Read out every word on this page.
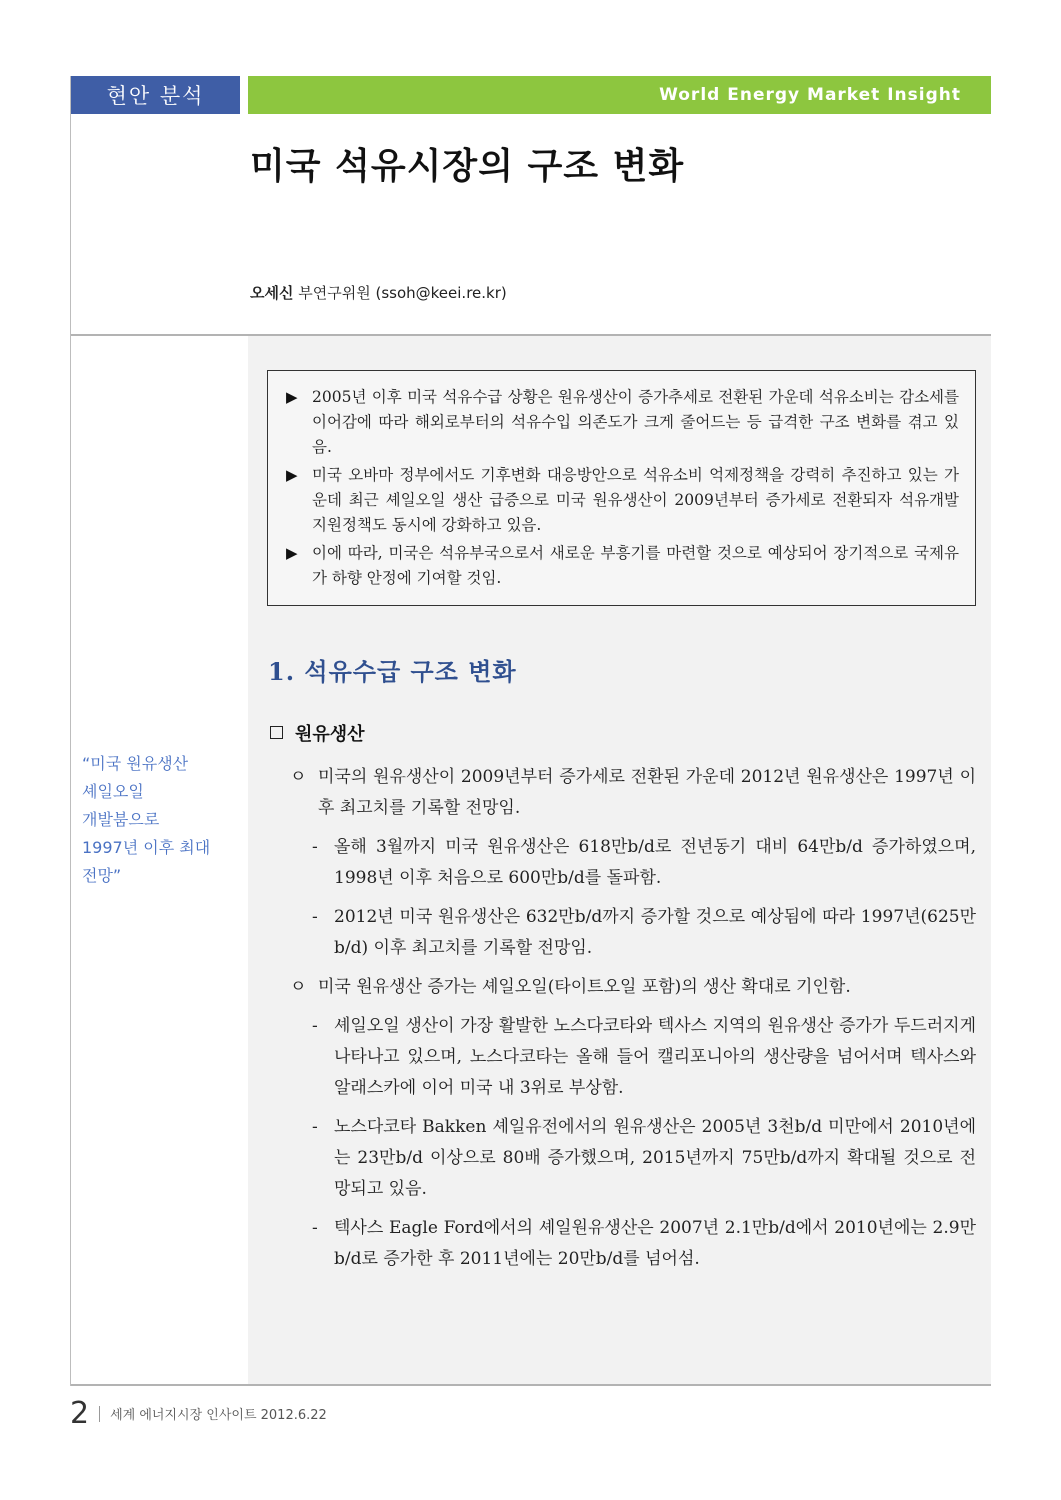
현안 분석	World Energy Market Insight
미국 석유시장의 구조 변화
오세신 부연구위원 (ssoh@keei.re.kr)
▶ 2005년 이후 미국 석유수급 상황은 원유생산이 증가추세로 전환된 가운데 석유소비는 감소세를 이어감에 따라 해외로부터의 석유수입 의존도가 크게 줄어드는 등 급격한 구조 변화를 겪고 있음.
▶ 미국 오바마 정부에서도 기후변화 대응방안으로 석유소비 억제정책을 강력히 추진하고 있는 가운데 최근 셰일오일 생산 급증으로 미국 원유생산이 2009년부터 증가세로 전환되자 석유개발 지원정책도 동시에 강화하고 있음.
▶ 이에 따라, 미국은 석유부국으로서 새로운 부흥기를 마련할 것으로 예상되어 장기적으로 국제유가 하향 안정에 기여할 것임.
1. 석유수급 구조 변화
원유생산
ㅇ 미국의 원유생산이 2009년부터 증가세로 전환된 가운데 2012년 원유생산은 1997년 이후 최고치를 기록할 전망임.
- 올해 3월까지 미국 원유생산은 618만b/d로 전년동기 대비 64만b/d 증가하였으며, 1998년 이후 처음으로 600만b/d를 돌파함.
- 2012년 미국 원유생산은 632만b/d까지 증가할 것으로 예상됨에 따라 1997년(625만b/d) 이후 최고치를 기록할 전망임.
ㅇ 미국 원유생산 증가는 셰일오일(타이트오일 포함)의 생산 확대로 기인함.
- 셰일오일 생산이 가장 활발한 노스다코타와 텍사스 지역의 원유생산 증가가 두드러지게 나타나고 있으며, 노스다코타는 올해 들어 캘리포니아의 생산량을 넘어서며 텍사스와 알래스카에 이어 미국 내 3위로 부상함.
- 노스다코타 Bakken 셰일유전에서의 원유생산은 2005년 3천b/d 미만에서 2010년에는 23만b/d 이상으로 80배 증가했으며, 2015년까지 75만b/d까지 확대될 것으로 전망되고 있음.
- 텍사스 Eagle Ford에서의 셰일원유생산은 2007년 2.1만b/d에서 2010년에는 2.9만b/d로 증가한 후 2011년에는 20만b/d를 넘어섬.
“미국 원유생산
셰일오일
개발붐으로
1997년 이후 최대
전망”
2 세계 에너지시장 인사이트 2012.6.22
